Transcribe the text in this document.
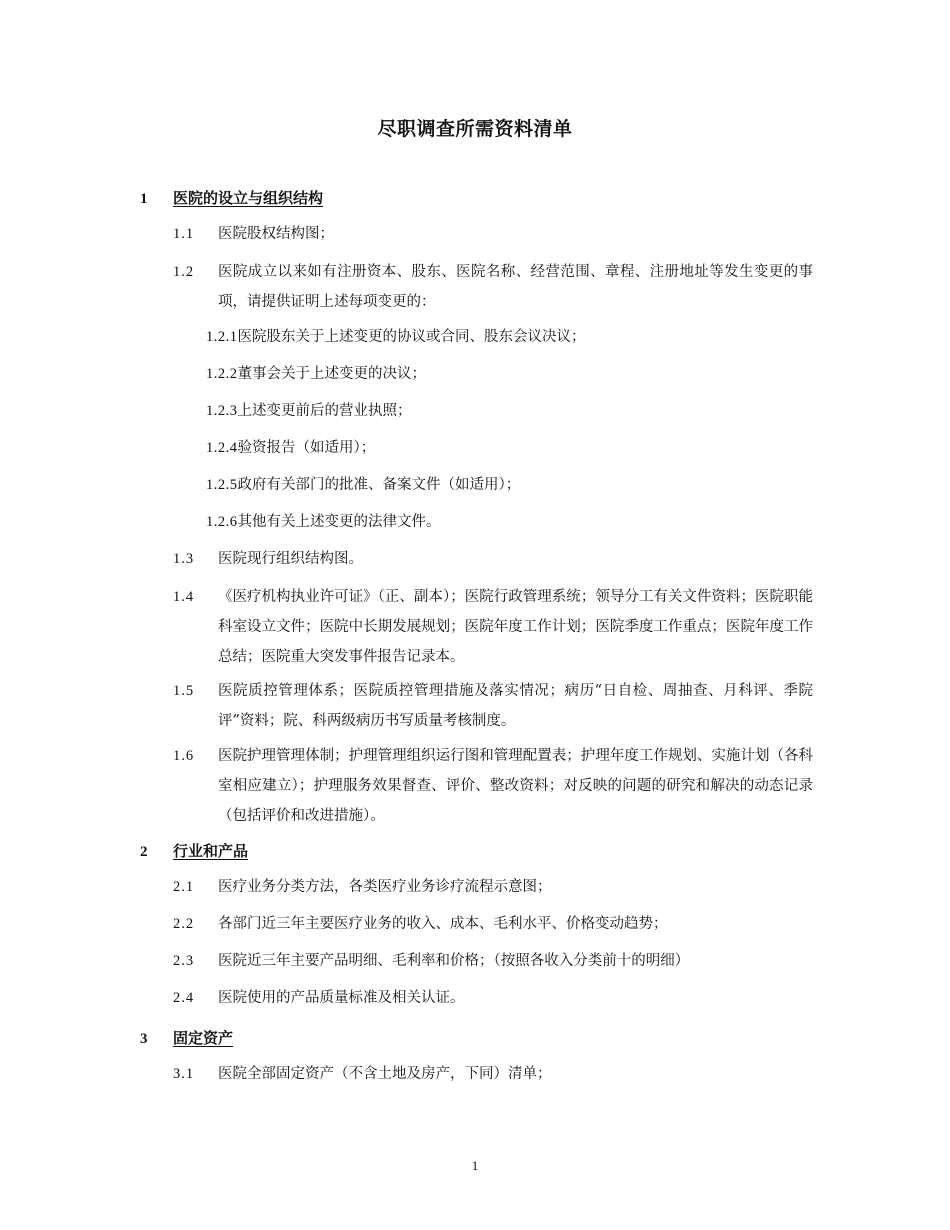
尽职调查所需资料清单
1	医院的设立与组织结构
1.1 医院股权结构图；
1.2 医院成立以来如有注册资本、股东、医院名称、经营范围、章程、注册地址等发生变更的事项，请提供证明上述每项变更的：
1.2.1医院股东关于上述变更的协议或合同、股东会议决议；
1.2.2董事会关于上述变更的决议；
1.2.3上述变更前后的营业执照；
1.2.4验资报告（如适用）；
1.2.5政府有关部门的批准、备案文件（如适用）；
1.2.6其他有关上述变更的法律文件。
1.3 医院现行组织结构图。
1.4 《医疗机构执业许可证》（正、副本）；医院行政管理系统；领导分工有关文件资料；医院职能科室设立文件；医院中长期发展规划；医院年度工作计划；医院季度工作重点；医院年度工作总结；医院重大突发事件报告记录本。
1.5 医院质控管理体系；医院质控管理措施及落实情况；病历“日自检、周抽查、月科评、季院评”资料；院、科两级病历书写质量考核制度。
1.6 医院护理管理体制；护理管理组织运行图和管理配置表；护理年度工作规划、实施计划（各科室相应建立）；护理服务效果督查、评价、整改资料；对反映的问题的研究和解决的动态记录（包括评价和改进措施）。
2	行业和产品
2.1 医疗业务分类方法，各类医疗业务诊疗流程示意图；
2.2 各部门近三年主要医疗业务的收入、成本、毛利水平、价格变动趋势；
2.3 医院近三年主要产品明细、毛利率和价格；（按照各收入分类前十的明细）
2.4 医院使用的产品质量标准及相关认证。
3	固定资产
3.1 医院全部固定资产（不含土地及房产，下同）清单；
1
